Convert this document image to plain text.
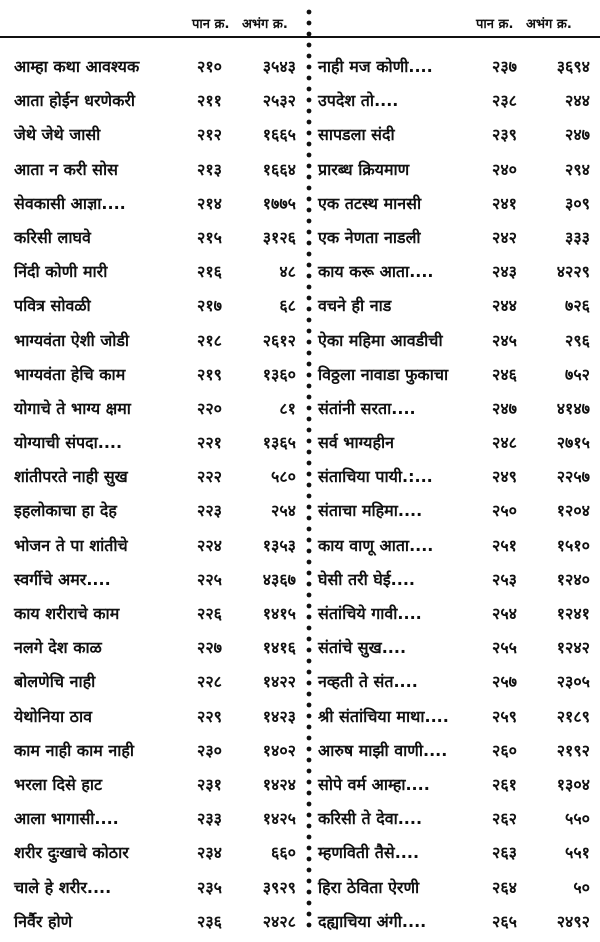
पान क्र. अभंग क्र.	पान क्र. अभंग क्र.
आम्हा कथा आवश्यक	२१०	३५४३
आता होईन धरणेकरी	२११	२५३२
जेथे जेथे जासी	२१२	१६६५
आता न करी सोस	२१३	१६६४
सेवकासी आज्ञा....	२१४	१७७५
करिसी लाघवे	२१५	३१२६
निंदी कोणी मारी	२१६	४८
पवित्र सोवळी	२१७	६८
भाग्यवंता ऐशी जोडी	२१८	२६१२
भाग्यवंता हेचि काम	२१९	१३६०
योगाचे ते भाग्य क्षमा	२२०	८१
योग्याची संपदा....	२२१	१३६५
शांतीपरते नाही सुख	२२२	५८०
इहलोकाचा हा देह	२२३	२५४
भोजन ते पा शांतीचे	२२४	१३५३
स्वर्गीचे अमर....	२२५	४३६७
काय शरीराचे काम	२२६	१४१५
नलगे देश काळ	२२७	१४१६
बोलणेचि नाही	२२८	१४२२
येथोनिया ठाव	२२९	१४२३
काम नाही काम नाही	२३०	१४०२
भरला दिसे हाट	२३१	१४२४
आला भागासी....	२३३	१४२५
शरीर दुःखाचे कोठार	२३४	६६०
चाले हे शरीर....	२३५	३९२९
निर्वैर होणे	२३६	२४२८
नाही मज कोणी....	२३७	३६९४
उपदेश तो....	२३८	२४४
सापडला संदी	२३९	२४७
प्रारब्ध क्रियमाण	२४०	२९४
एक तटस्थ मानसी	२४१	३०९
एक नेणता नाडली	२४२	३३३
काय करू आता....	२४३	४२२९
वचने ही नाड	२४४	७२६
ऐका महिमा आवडीची	२४५	२९६
विठ्ठला नावाडा फुकाचा	२४६	७५२
संतांनी सरता....	२४७	४१४७
सर्व भाग्यहीन	२४८	२७१५
संताचिया पायी.:...	२४९	२२५७
संताचा महिमा....	२५०	१२०४
काय वाणू आता....	२५१	१५१०
घेसी तरी घेई....	२५३	१२४०
संतांचिये गावी....	२५४	१२४१
संतांचे सुख....	२५५	१२४२
नव्हती ते संत....	२५७	२३०५
श्री संतांचिया माथा....	२५९	२१८९
आरुष माझी वाणी....	२६०	२१९२
सोपे वर्म आम्हा....	२६१	१३०४
करिसी ते देवा....	२६२	५५०
म्हणविती तैसे....	२६३	५५१
हिरा ठेविता ऐरणी	२६४	५०
दह्याचिया अंगी....	२६५	२४९२
